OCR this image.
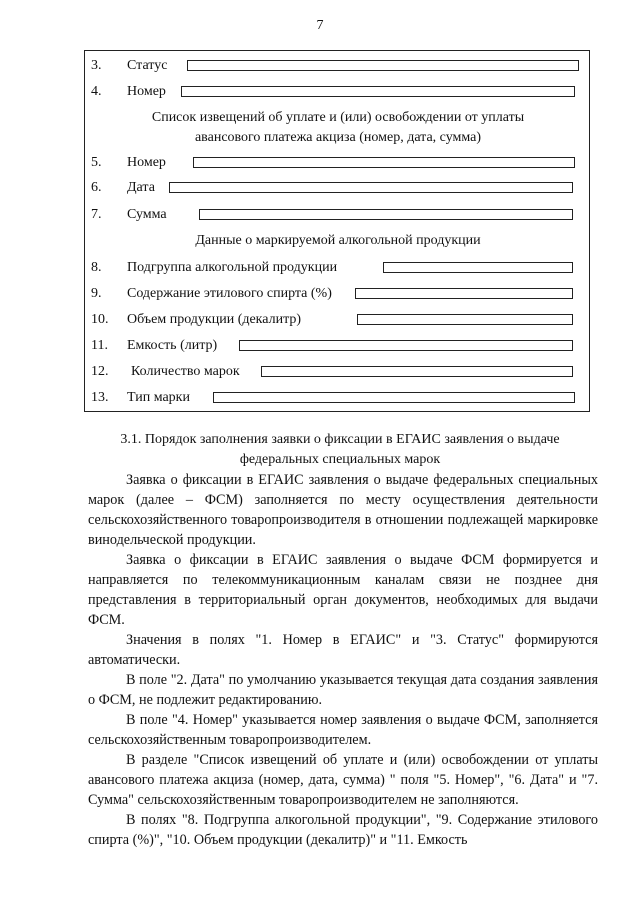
7
3. Статус
4. Номер
Список извещений об уплате и (или) освобождении от уплаты
авансового платежа акциза (номер, дата, сумма)
5. Номер
6. Дата
7. Сумма
Данные о маркируемой алкогольной продукции
8. Подгруппа алкогольной продукции
9. Содержание этилового спирта (%)
10. Объем продукции (декалитр)
11. Емкость (литр)
12. Количество марок
13. Тип марки
3.1. Порядок заполнения заявки о фиксации в ЕГАИС заявления о выдаче
федеральных специальных марок

Заявка о фиксации в ЕГАИС заявления о выдаче федеральных специальных марок (далее – ФСМ) заполняется по месту осуществления деятельности сельскохозяйственного товаропроизводителя в отношении подлежащей маркировке винодельческой продукции.

Заявка о фиксации в ЕГАИС заявления о выдаче ФСМ формируется и направляется по телекоммуникационным каналам связи не позднее дня представления в территориальный орган документов, необходимых для выдачи ФСМ.

Значения в полях "1. Номер в ЕГАИС" и "3. Статус" формируются автоматически.

В поле "2. Дата" по умолчанию указывается текущая дата создания заявления о ФСМ, не подлежит редактированию.

В поле "4. Номер" указывается номер заявления о выдаче ФСМ, заполняется сельскохозяйственным товаропроизводителем.

В разделе "Список извещений об уплате и (или) освобождении от уплаты авансового платежа акциза (номер, дата, сумма) " поля "5. Номер", "6. Дата" и "7. Сумма" сельскохозяйственным товаропроизводителем не заполняются.

В полях "8. Подгруппа алкогольной продукции", "9. Содержание этилового спирта (%)", "10. Объем продукции (декалитр)" и "11. Емкость
